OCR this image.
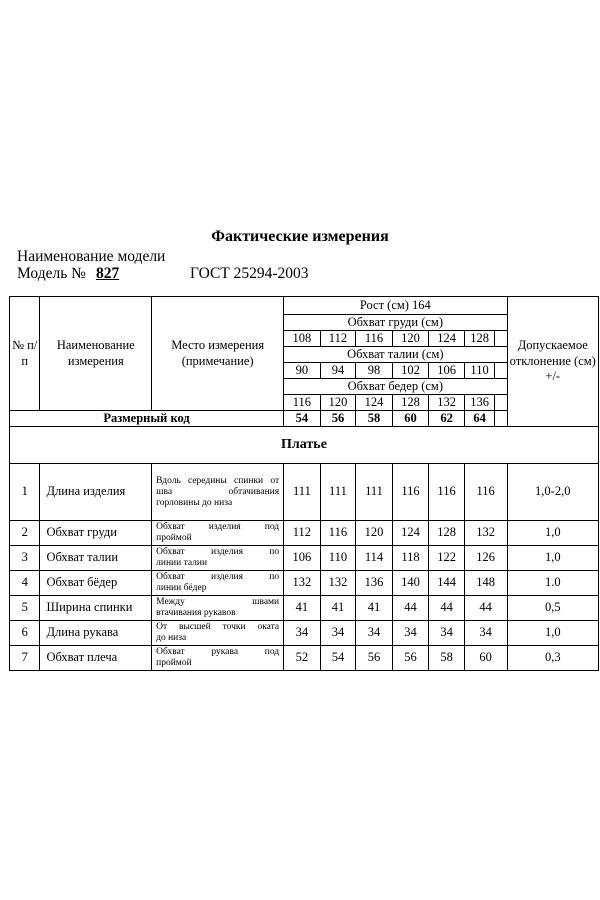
Фактические измерения
Наименование модели
Модель № 827	ГОСТ 25294-2003
№ п/п	Наименование измерения	Место измерения (примечание)	Рост (см) 164							Допускаемое отклонение (см) +/-
			Обхват груди (см)							
			108	112	116	120	124	128		
			Обхват талии (см)							
			90	94	98	102	106	110		
			Обхват бедер (см)							
			116	120	124	128	132	136		
Размерный код			54	56	58	60	62	64		
Платье										
1	Длина изделия	Вдоль середины спинки от шва обтачивания
горловины до низа	111	111	111	116	116	116		1,0-2,0
2	Обхват груди	Обхват изделия под
проймой	112	116	120	124	128	132		1,0
3	Обхват талии	Обхват изделия по
линии талии	106	110	114	118	122	126		1,0
4	Обхват бёдер	Обхват изделия по
линии бёдер	132	132	136	140	144	148		1.0
5	Ширина спинки	Между швами
втачивания рукавов	41	41	41	44	44	44		0,5
6	Длина рукава	От высшей точки оката
до низа	34	34	34	34	34	34		1,0
7	Обхват плеча	Обхват рукава под
проймой	52	54	56	56	58	60		0,3
